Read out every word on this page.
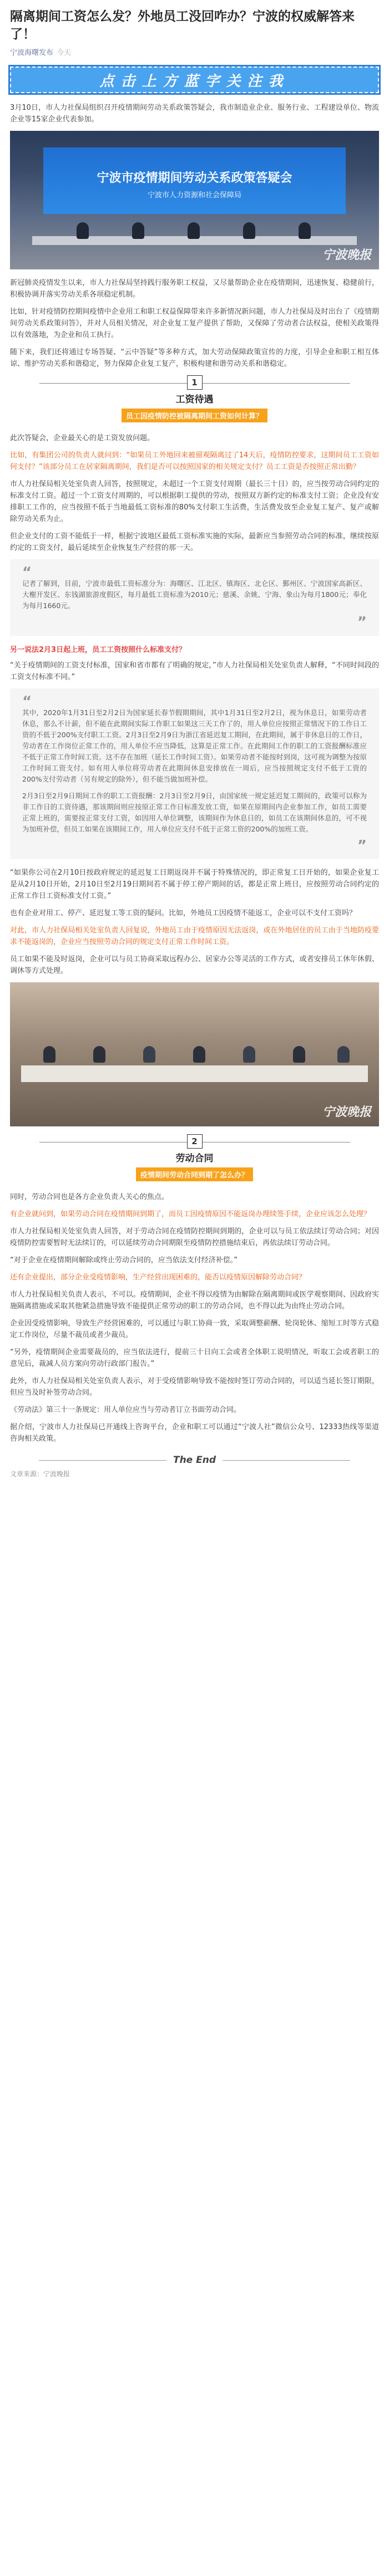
隔离期间工资怎么发？外地员工没回咋办？宁波的权威解答来了！
宁波海曙发布 今天
点击上方蓝字关注我

3月10日，市人力社保局组织召开疫情期间劳动关系政策答疑会，我市制造业企业、服务行业、工程建设单位、物流企业等15家企业代表参加。

宁波市疫情期间劳动关系政策答疑会
宁波市人力资源和社会保障局
宁波晚报

新冠肺炎疫情发生以来，市人力社保局坚持践行服务职工权益，又尽量帮助企业在疫情期间，迅速恢复、稳健前行，积极协调并落实劳动关系各项稳定机制。

比如，针对疫情防控期间疫情中企业用工和职工权益保障带来许多新情况新问题，市人力社保局及时出台了《疫情期间劳动关系政策问答》，并对人员相关情况，对企业复工复产提供了帮助，又保障了劳动者合法权益，使相关政策得以有效落地，为企业和员工执行。

随下来，我们还将通过专场答疑、“云中答疑”等多种方式，加大劳动保障政策宣传的力度，引导企业和职工相互体谅、维护劳动关系和谐稳定，努力保障企业复工复产，积极构建和谐劳动关系和谐稳定。

1
工资待遇
员工因疫情防控被隔离期间工资如何计算？

此次答疑会，企业最关心的是工资发放问题。

比如，有集团公司的负责人就问到：“如果员工外地回来被留观隔离过了14天后，疫情防控要求，这期间员工工资如何支付？”该部分员工在居家隔离期间，我们是否可以按照国家的相关规定支付？员工工资是否按照正常出勤？

市人力社保局相关处室负责人回答，按照规定，未超过一个工资支付周期（最长三十日）的，应当按劳动合同约定的标准支付工资。超过一个工资支付周期的，可以根据职工提供的劳动，按照双方新约定的标准支付工资；企业没有安排职工工作的，应当按照不低于当地最低工资标准的80%支付职工生活费，生活费发放至企业复工复产、复产或解除劳动关系为止。

但企业支付的工资不能低于一样，根据宁波地区最低工资标准实施的实际，最新应当参照劳动合同的标准，继续按原约定的工资支付，最后延续至企业恢复生产经营的那一天。

“

记者了解到，目前，宁波市最低工资标准分为：海曙区、江北区、镇海区、北仑区、鄞州区、宁波国家高新区、大榭开发区、东钱湖旅游度假区，每月最低工资标准为2010元；慈溪、余姚、宁海、象山为每月1800元；奉化为每月1660元。

”
另一说法2月3日起上班，员工工资按照什么标准支付？

“关于疫情期间的工资支付标准，国家和省市都有了明确的规定，”市人力社保局相关处室负责人解释，“不同时间段的工资支付标准不同。”

“

其中，2020年1月31日至2月2日为国家延长春节假期期间，其中1月31日至2月2日，视为休息日，如果劳动者休息，那么不计薪，但不能在此期间实际工作职工如果这三天工作了的，用人单位应按照正常情况下的工作日工资的不低于200%支付职工工资。2月3日至2月9日为浙江省延迟复工期间，在此期间，属于非休息日的工作日，劳动者在工作岗位正常工作的，用人单位不应当降低，这算是正常工作。在此期间工作的职工的工资报酬标准应不低于正常工作时间工资。这不存在加班（延长工作时间工资）。如果劳动者不能按时到岗，这可视为调整为按原工作时间工资支付。如有用人单位将劳动者在此期间休息安排放在一周后，应当按照规定支付不低于工资的200%支付劳动者（另有规定的除外），但不能当做加班补偿。

2月3日至2月9日期间工作的职工工资报酬：2月3日至2月9日，由国家统一规定延迟复工期间的，政策可以称为非工作日的工资待遇，那该期间则应按原正常工作日标准发放工资，如果在原期间内企业参加工作，如员工需要正常上班的，需要按正常支付工资，如因用人单位调整，该期间作为休息日的，如员工在该期间休息的，可不视为加班补偿，但员工如果在该期间工作，用人单位应支付不低于正常工资的200%的加班工资。

”

“如果你公司在2月10日按政府规定的延迟复工日期返岗并不属于特殊情况的，即正常复工日开始的，如果企业复工是从2月10日开始，2月10日至2月19日期间若不属于停工停产期间的话，都是正常上班日，应按照劳动合同约定的正常工作日工资标准支付工资。”

也有企业对用工、停产、延迟复工等工资的疑问。比如，外地员工因疫情不能返工，企业可以不支付工资吗？

对此，市人力社保局相关处室负责人回复说，外地员工由于疫情原因无法返岗，或在外地居住的员工由于当地防疫要求不能返岗的，企业应当按照劳动合同的规定支付正常工作时间工资。

员工如果不能及时返岗，企业可以与员工协商采取远程办公、居家办公等灵活的工作方式，或者安排员工休年休假、调休等方式处理。

宁波晚报
2
劳动合同
疫情期间劳动合同到期了怎么办？

同时，劳动合同也是各方企业负责人关心的焦点。

有企业就问到，如果劳动合同在疫情期间到期了，而员工因疫情原因不能返岗办理续签手续，企业应该怎么处理？

市人力社保局相关处室负责人回答，对于劳动合同在疫情防控期间到期的，企业可以与员工依法续订劳动合同；对因疫情防控需要暂时无法续订的，可以延续劳动合同期限至疫情防控措施结束后，再依法续订劳动合同。

“对于企业在疫情期间解除或终止劳动合同的，应当依法支付经济补偿。”

还有企业提出，部分企业受疫情影响，生产经营出现困难的，能否以疫情原因解除劳动合同？

市人力社保局相关负责人表示，不可以。疫情期间，企业不得以疫情为由解除在隔离期间或医学观察期间、因政府实施隔离措施或采取其他紧急措施导致不能提供正常劳动的职工的劳动合同，也不得以此为由终止劳动合同。

企业因受疫情影响，导致生产经营困难的，可以通过与职工协商一致，采取调整薪酬、轮岗轮休、缩短工时等方式稳定工作岗位，尽量不裁员或者少裁员。

“另外，疫情期间企业需要裁员的，应当依法进行，提前三十日向工会或者全体职工说明情况，听取工会或者职工的意见后，裁减人员方案向劳动行政部门报告。”

此外，市人力社保局相关处室负责人表示，对于受疫情影响导致不能按时签订劳动合同的，可以适当延长签订期限，但应当及时补签劳动合同。

《劳动法》第三十一条规定：用人单位应当与劳动者订立书面劳动合同。

据介绍，宁波市人力社保局已开通线上咨询平台，企业和职工可以通过“宁波人社”微信公众号、12333热线等渠道咨询相关政策。

The End
文章来源：宁波晚报
